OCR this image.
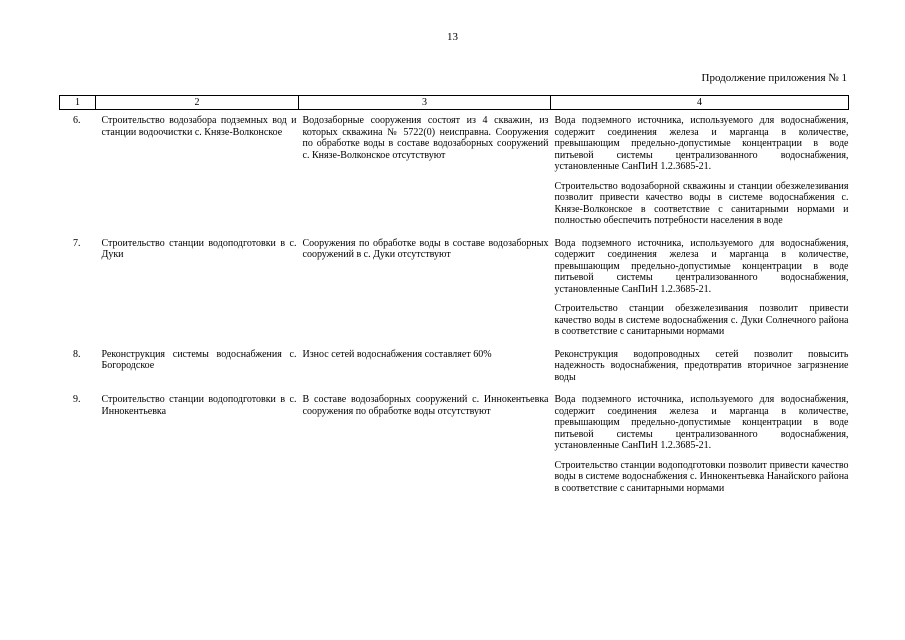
13
Продолжение приложения № 1
1	2	3	4
6.	Строительство водозабора подземных вод и станции водоочистки с. Князе-Волконское	Водозаборные сооружения состоят из 4 скважин, из которых скважина № 5722(0) неисправна. Сооружения по обработке воды в составе водозаборных сооружений с. Князе-Волконское отсутствуют	Вода подземного источника, используемого для водоснабжения, содержит соединения железа и марганца в количестве, превышающим предельно-допустимые концентрации в воде питьевой системы централизованного водоснабжения, установленные СанПиН 1.2.3685-21.

Строительство водозаборной скважины и станции обезжелезивания позволит привести качество воды в системе водоснабжения с. Князе-Волконское в соответствие с санитарными нормами и полностью обеспечить потребности населения в воде

7.	Строительство станции водоподготовки в с. Дуки	Сооружения по обработке воды в составе водозаборных сооружений в с. Дуки отсутствуют	Вода подземного источника, используемого для водоснабжения, содержит соединения железа и марганца в количестве, превышающим предельно-допустимые концентрации в воде питьевой системы централизованного водоснабжения, установленные СанПиН 1.2.3685-21.

Строительство станции обезжелезивания позволит привести качество воды в системе водоснабжения с. Дуки Солнечного района в соответствие с санитарными нормами

8.	Реконструкция системы водоснабжения с. Богородское	Износ сетей водоснабжения составляет 60%	Реконструкция водопроводных сетей позволит повысить надежность водоснабжения, предотвратив вторичное загрязнение воды

9.	Строительство станции водоподготовки в с. Иннокентьевка	В составе водозаборных сооружений с. Иннокентьевка сооружения по обработке воды отсутствуют	Вода подземного источника, используемого для водоснабжения, содержит соединения железа и марганца в количестве, превышающим предельно-допустимые концентрации в воде питьевой системы централизованного водоснабжения, установленные СанПиН 1.2.3685-21.

Строительство станции водоподготовки позволит привести качество воды в системе водоснабжения с. Иннокентьевка Нанайского района в соответствие с санитарными нормами
